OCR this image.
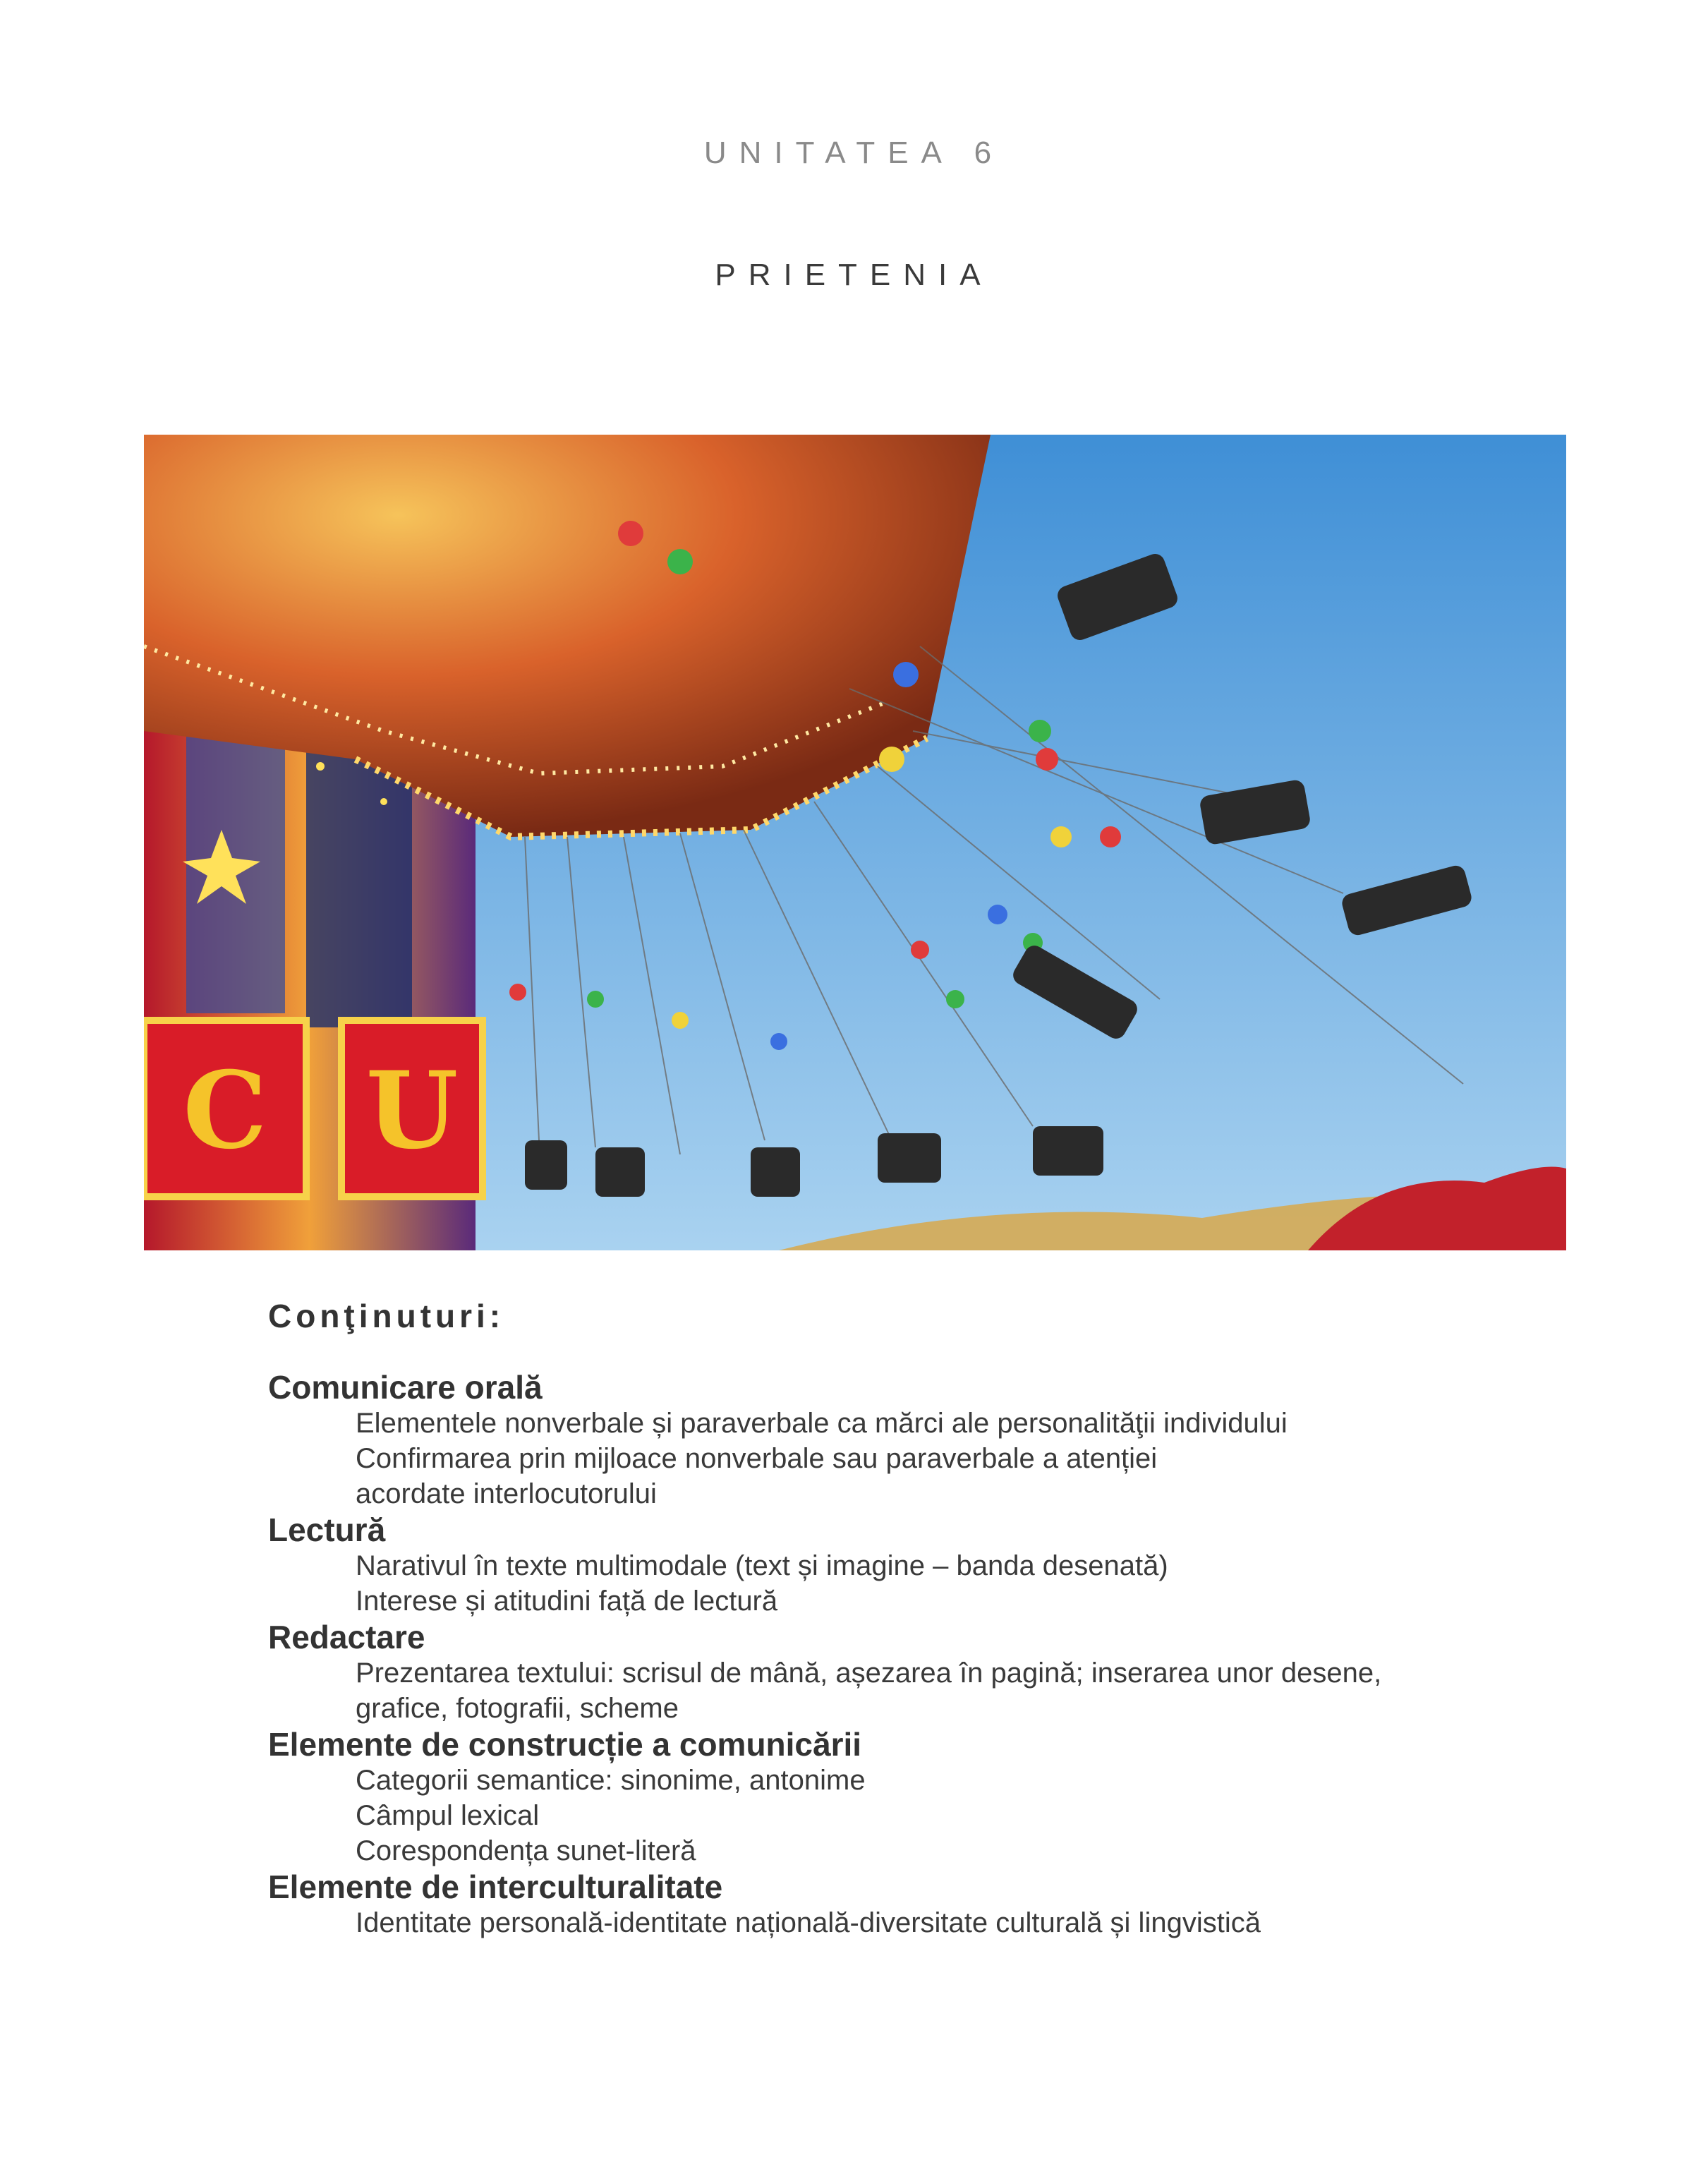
UNITATEA 6
PRIETENIA
C U
Conţinuturi:

Comunicare orală

Elementele nonverbale și paraverbale ca mărci ale personalităţii individului

Confirmarea prin mijloace nonverbale sau paraverbale a atenției

acordate interlocutorului

Lectură

Narativul în texte multimodale (text și imagine – banda desenată)

Interese și atitudini față de lectură

Redactare

Prezentarea textului: scrisul de mână, așezarea în pagină; inserarea unor desene,

grafice, fotografii, scheme

Elemente de construcție a comunicării

Categorii semantice: sinonime, antonime

Câmpul lexical

Corespondența sunet-literă

Elemente de interculturalitate

Identitate personală-identitate națională-diversitate culturală și lingvistică
